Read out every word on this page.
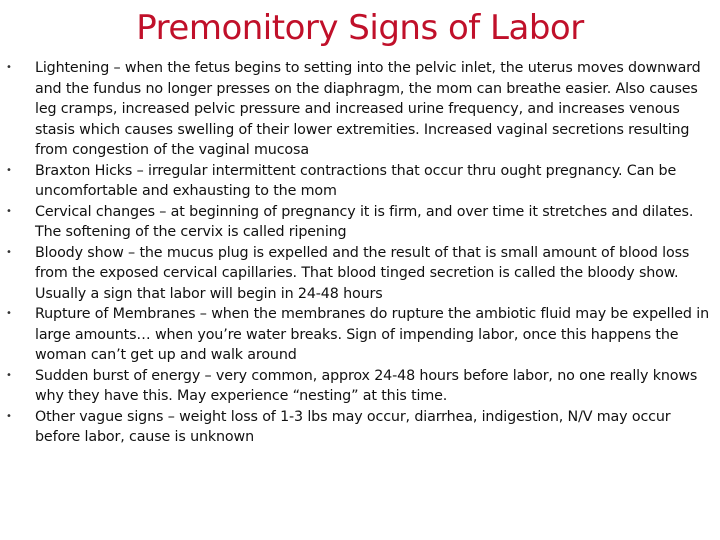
Premonitory Signs of Labor
• Lightening – when the fetus begins to setting into the pelvic inlet, the uterus moves downward and the fundus no longer presses on the diaphragm, the mom can breathe easier. Also causes leg cramps, increased pelvic pressure and increased urine frequency, and increases venous stasis which causes swelling of their lower extremities. Increased vaginal secretions resulting from congestion of the vaginal mucosa
• Braxton Hicks – irregular intermittent contractions that occur thru ought pregnancy. Can be uncomfortable and exhausting to the mom
• Cervical changes – at beginning of pregnancy it is firm, and over time it stretches and dilates. The softening of the cervix is called ripening
• Bloody show – the mucus plug is expelled and the result of that is small amount of blood loss from the exposed cervical capillaries. That blood tinged secretion is called the bloody show. Usually a sign that labor will begin in 24-48 hours
• Rupture of Membranes – when the membranes do rupture the ambiotic fluid may be expelled in large amounts… when you’re water breaks. Sign of impending labor, once this happens the woman can’t get up and walk around
• Sudden burst of energy – very common, approx 24-48 hours before labor, no one really knows why they have this. May experience “nesting” at this time.
• Other vague signs – weight loss of 1-3 lbs may occur, diarrhea, indigestion, N/V may occur before labor, cause is unknown
